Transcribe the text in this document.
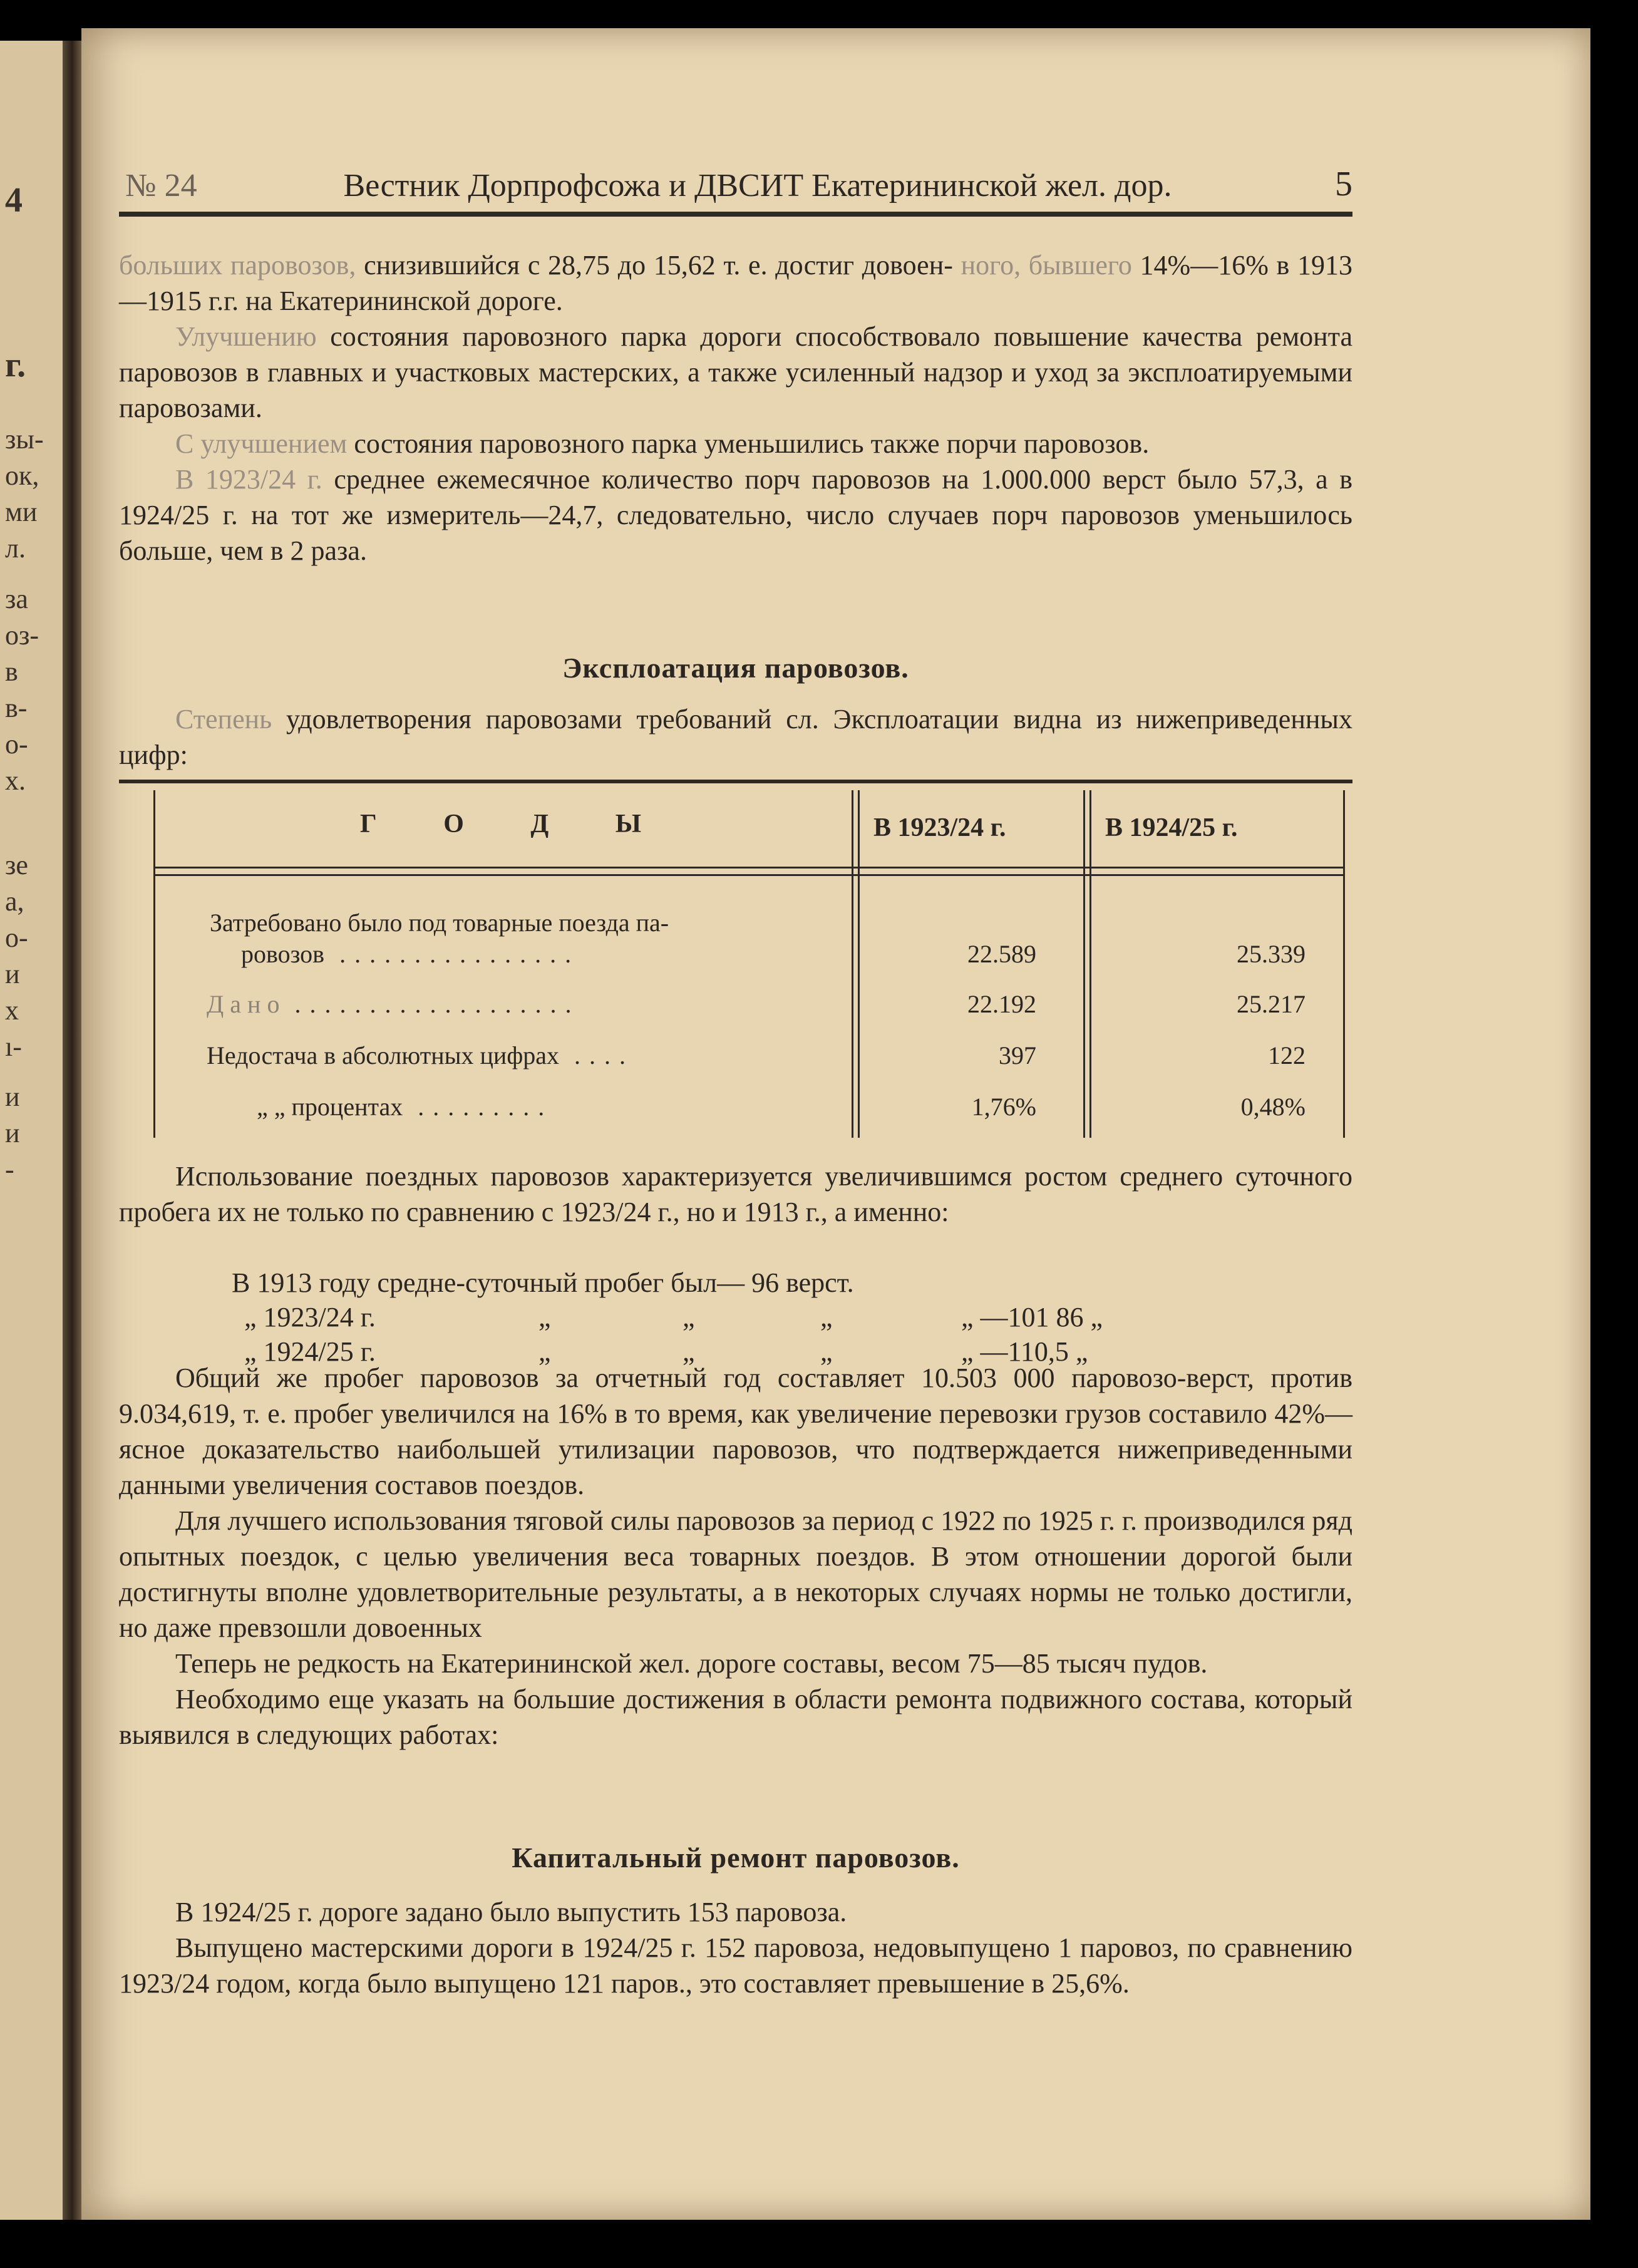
4
г.
зы-
ок,
ми
л.
за
оз-
в
в-
о-
х.
зе
а,
о-
и
х
ı-
и
и
-
№ 24	Вестник Дорпрофсожа и ДВСИТ Екатерининской жел. дор.	5

больших паровозов, снизившийся с 28,75 до 15,62 т. е. достиг довоен- ного, бывшего 14%—16% в 1913—1915 г.г. на Екатерининской дороге.

Улучшению состояния паровозного парка дороги способствовало повышение качества ремонта паровозов в главных и участковых мастерских, а также усиленный надзор и уход за эксплоатируемыми паровозами.

С улучшением состояния паровозного парка уменьшились также порчи паровозов.

В 1923/24 г. среднее ежемесячное количество порч паровозов на 1.000.000 верст было 57,3, а в 1924/25 г. на тот же измеритель—24,7, следовательно, число случаев порч паровозов уменьшилось больше, чем в 2 раза.

Эксплоатация паровозов.

Степень удовлетворения паровозами требований сл. Эксплоатации видна из нижеприведенных цифр:

Г О Д Ы	В 1923/24 г.	В 1924/25 г.
Затребовано было под товарные поезда па-
ровозов ................	22.589	25.339
Д а н о ...................	22.192	25.217
Недостача в абсолютных цифрах ....	397	122
„ „ процентах .........	1,76%	0,48%

Использование поездных паровозов характеризуется увеличившимся ростом среднего суточного пробега их не только по сравнению с 1923/24 г., но и 1913 г., а именно:

В 1913 году средне-суточный пробег был— 96 верст.
„ 1923/24 г.	„	„	„	„ —101 86 „
„ 1924/25 г.	„	„	„	„ —110,5 „

Общий же пробег паровозов за отчетный год составляет 10.503 000 паровозо-верст, против 9.034,619, т. е. пробег увеличился на 16% в то время, как увеличение перевозки грузов составило 42%—ясное доказательство наибольшей утилизации паровозов, что подтверждается нижеприведенными данными увеличения составов поездов.

Для лучшего использования тяговой силы паровозов за период с 1922 по 1925 г. г. производился ряд опытных поездок, с целью увеличения веса товарных поездов. В этом отношении дорогой были достигнуты вполне удовлетворительные результаты, а в некоторых случаях нормы не только достигли, но даже превзошли довоенных

Теперь не редкость на Екатерининской жел. дороге составы, весом 75—85 тысяч пудов.

Необходимо еще указать на большие достижения в области ремонта подвижного состава, который выявился в следующих работах:

Капитальный ремонт паровозов.

В 1924/25 г. дороге задано было выпустить 153 паровоза.

Выпущено мастерскими дороги в 1924/25 г. 152 паровоза, недовыпущено 1 паровоз, по сравнению 1923/24 годом, когда было выпущено 121 паров., это составляет превышение в 25,6%.
